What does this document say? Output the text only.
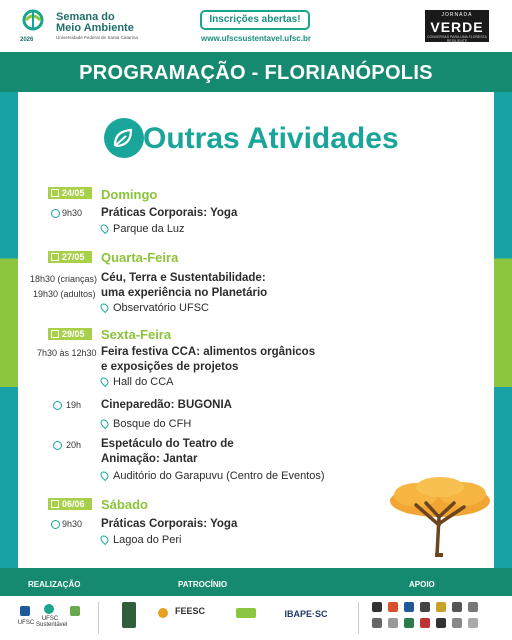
2026
Semana do
Meio Ambiente
Universidade Federal de Santa Catarina
Inscrições abertas!
www.ufscsustentavel.ufsc.br
JORNADA
VERDE
CONVERSAS PARA UMA FLORESTA RESILIENTE
PROGRAMAÇÃO - FLORIANÓPOLIS
Outras Atividades
24/05 Domingo
9h30 Práticas Corporais: Yoga
Parque da Luz
27/05 Quarta-Feira
18h30 (crianças)
19h30 (adultos)
Céu, Terra e Sustentabilidade:
uma experiência no Planetário
Observatório UFSC
29/05 Sexta-Feira
7h30 às 12h30 Feira festiva CCA: alimentos orgânicos
e exposições de projetos
Hall do CCA
19h Cineparedão: BUGONIA
Bosque do CFH
20h Espetáculo do Teatro de
Animação: Jantar
Auditório do Garapuvu (Centro de Eventos)
06/06 Sábado
9h30 Práticas Corporais: Yoga
Lagoa do Peri
REALIZAÇÃO	PATROCÍNIO	APOIO
UFSC
UFSC Sustentável
FEESC	IBAPE·SC
